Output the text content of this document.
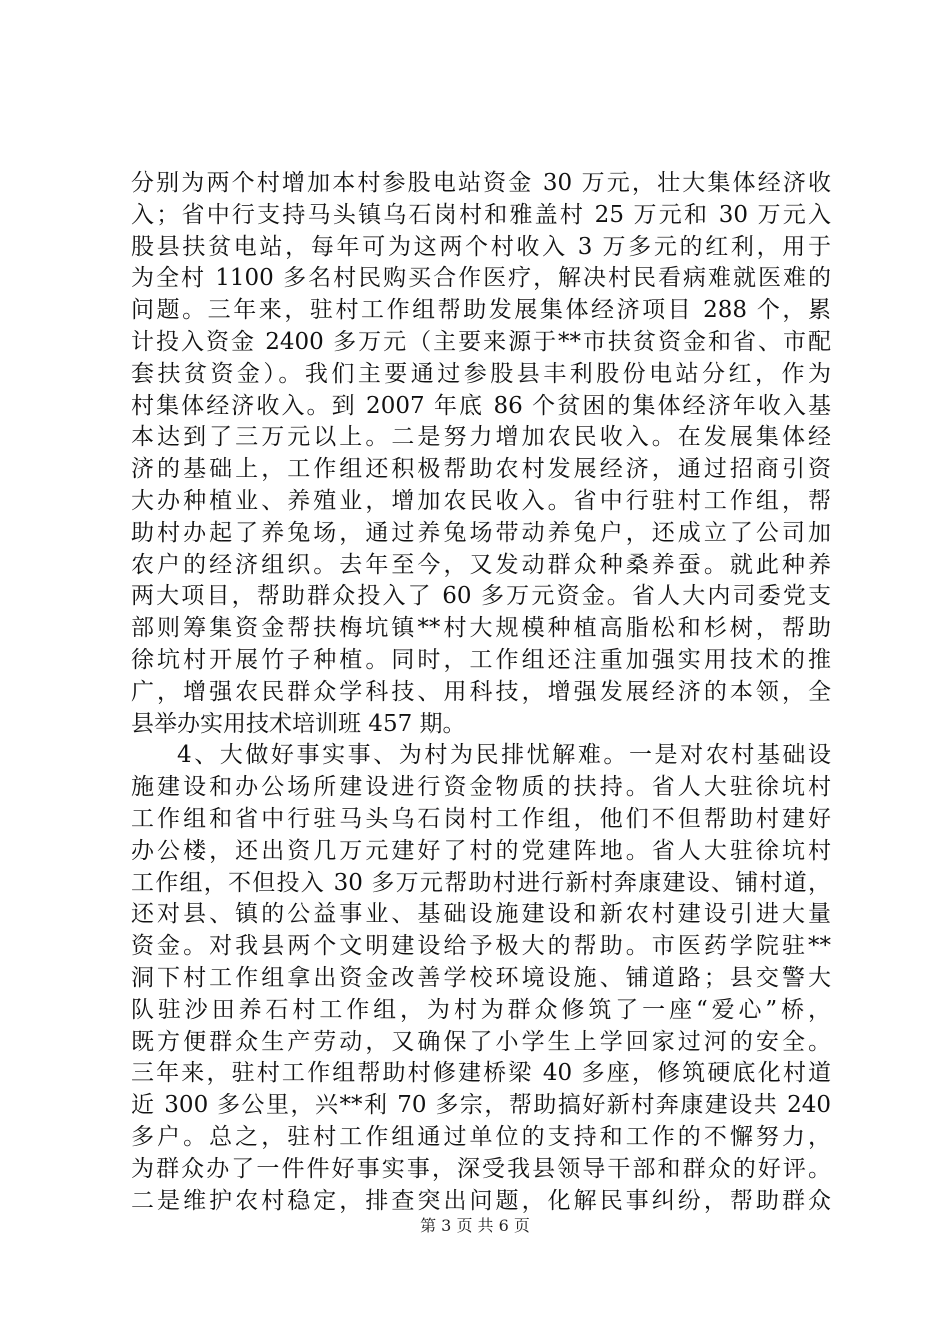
分别为两个村增加本村参股电站资金 30 万元，壮大集体经济收
入；省中行支持马头镇乌石岗村和雅盖村 25 万元和 30 万元入
股县扶贫电站，每年可为这两个村收入 3 万多元的红利，用于
为全村 1100 多名村民购买合作医疗，解决村民看病难就医难的
问题。三年来，驻村工作组帮助发展集体经济项目 288 个，累
计投入资金 2400 多万元（主要来源于**市扶贫资金和省、市配
套扶贫资金）。我们主要通过参股县丰利股份电站分红，作为
村集体经济收入。到 2007 年底 86 个贫困的集体经济年收入基
本达到了三万元以上。二是努力增加农民收入。在发展集体经
济的基础上，工作组还积极帮助农村发展经济，通过招商引资
大办种植业、养殖业，增加农民收入。省中行驻村工作组，帮
助村办起了养兔场，通过养兔场带动养兔户，还成立了公司加
农户的经济组织。去年至今，又发动群众种桑养蚕。就此种养
两大项目，帮助群众投入了 60 多万元资金。省人大内司委党支
部则筹集资金帮扶梅坑镇**村大规模种植高脂松和杉树，帮助
徐坑村开展竹子种植。同时，工作组还注重加强实用技术的推
广，增强农民群众学科技、用科技，增强发展经济的本领，全
县举办实用技术培训班 457 期。
4、大做好事实事、为村为民排忧解难。一是对农村基础设
施建设和办公场所建设进行资金物质的扶持。省人大驻徐坑村
工作组和省中行驻马头乌石岗村工作组，他们不但帮助村建好
办公楼，还出资几万元建好了村的党建阵地。省人大驻徐坑村
工作组，不但投入 30 多万元帮助村进行新村奔康建设、铺村道，
还对县、镇的公益事业、基础设施建设和新农村建设引进大量
资金。对我县两个文明建设给予极大的帮助。市医药学院驻**
洞下村工作组拿出资金改善学校环境设施、铺道路；县交警大
队驻沙田养石村工作组，为村为群众修筑了一座“爱心”桥，
既方便群众生产劳动，又确保了小学生上学回家过河的安全。
三年来，驻村工作组帮助村修建桥梁 40 多座，修筑硬底化村道
近 300 多公里，兴**利 70 多宗，帮助搞好新村奔康建设共 240
多户。总之，驻村工作组通过单位的支持和工作的不懈努力，
为群众办了一件件好事实事，深受我县领导干部和群众的好评。
二是维护农村稳定，排查突出问题，化解民事纠纷，帮助群众
第 3 页 共 6 页
